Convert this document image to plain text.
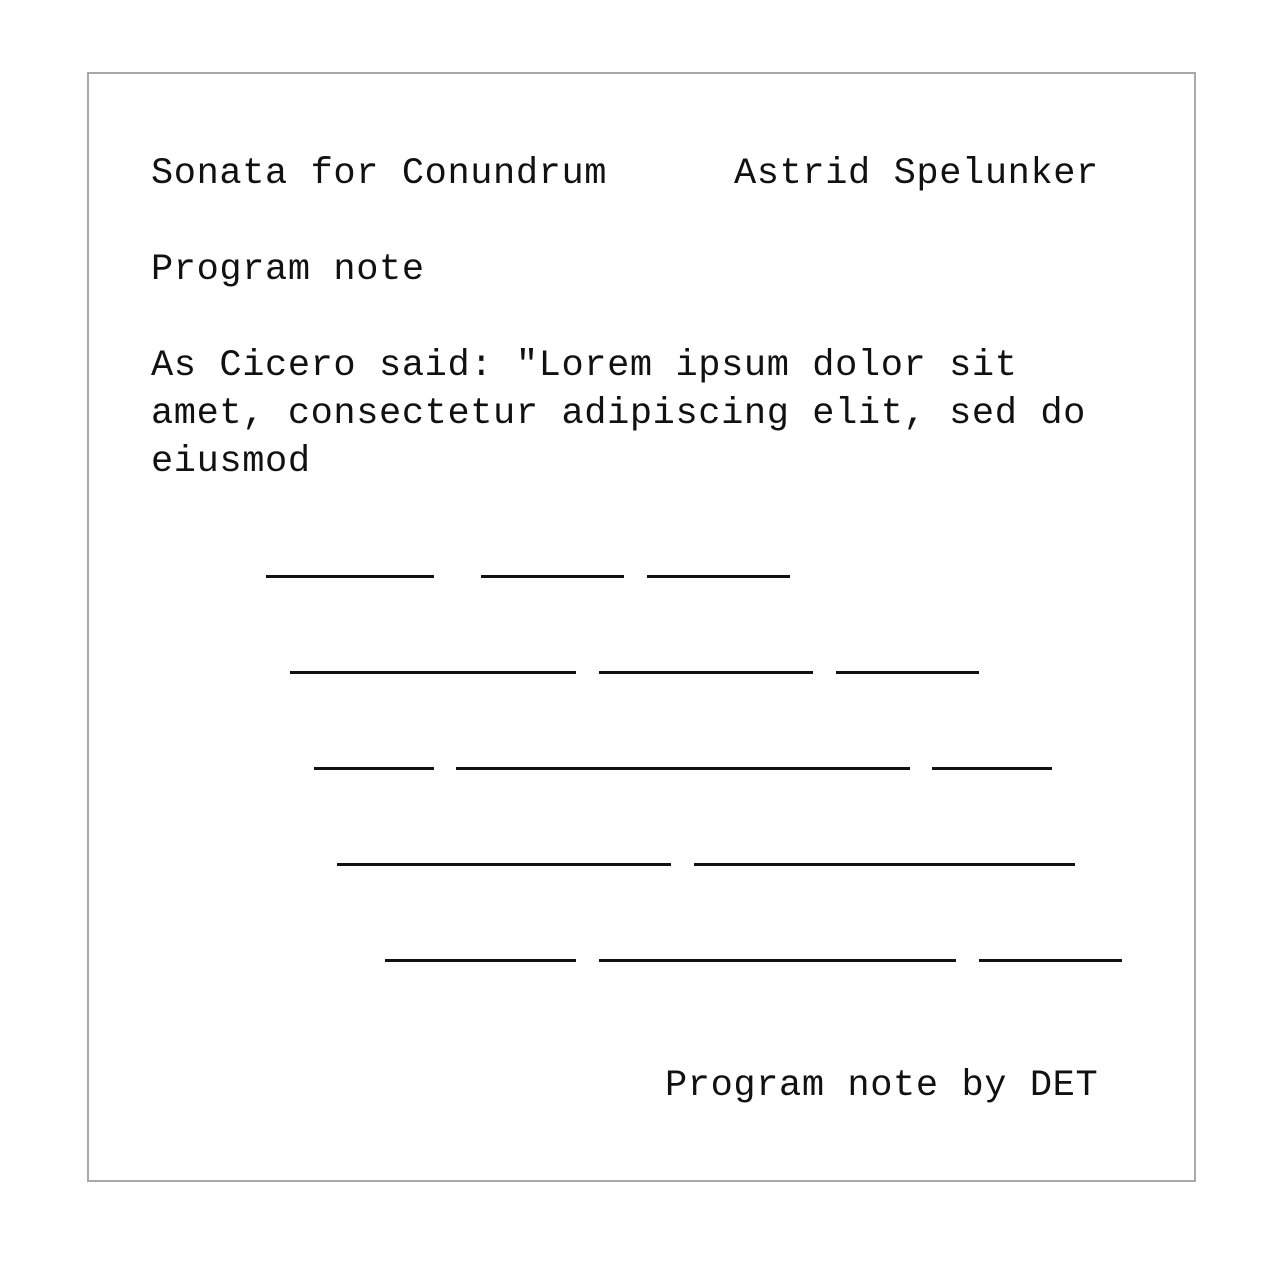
Sonata for Conundrum	Astrid Spelunker
Program note
As Cicero said: "Lorem ipsum dolor sit
amet, consectetur adipiscing elit, sed do
eiusmod
Program note by DET
